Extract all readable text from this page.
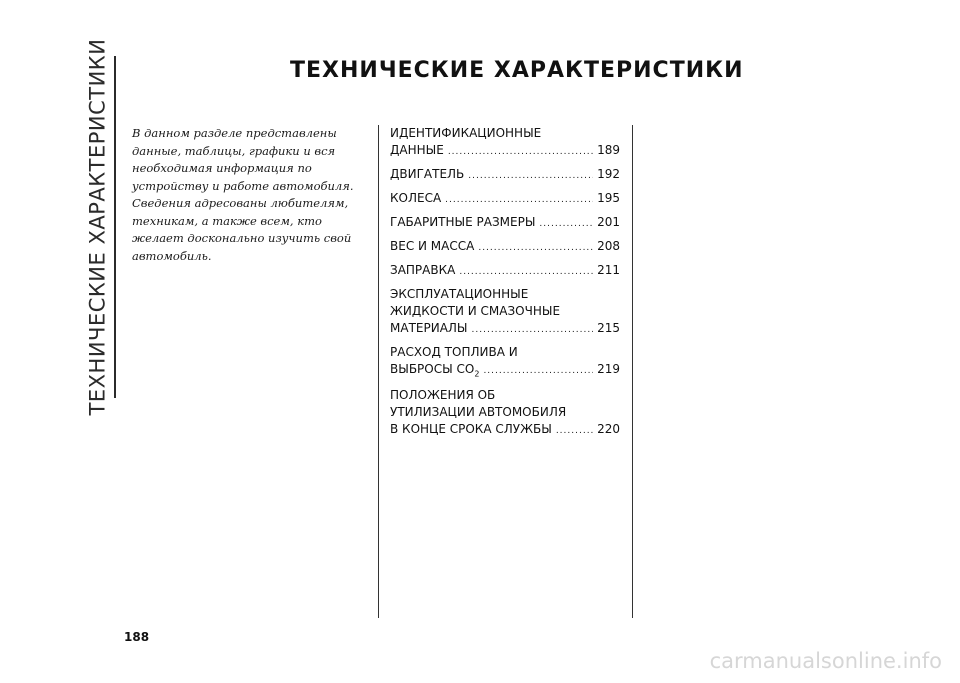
ТЕХНИЧЕСКИЕ ХАРАКТЕРИСТИКИ	ТЕХНИЧЕСКИЕ ХАРАКТЕРИСТИКИ
В данном разделе представлены данные, таблицы, графики и вся необходимая информация по устройству и работе автомобиля. Сведения адресованы любителям, техникам, а также всем, кто желает досконально изучить свой автомобиль.
ИДЕНТИФИКАЦИОННЫЕ
ДАННЫЕ .....	189
ДВИГАТЕЛЬ .....	192
КОЛЕСА .....	195
ГАБАРИТНЫЕ РАЗМЕРЫ .....	201
ВЕС И МАССА .....	208
ЗАПРАВКА .....	211
ЭКСПЛУАТАЦИОННЫЕ
ЖИДКОСТИ И СМАЗОЧНЫЕ
МАТЕРИАЛЫ .....	215
РАСХОД ТОПЛИВА И
ВЫБРОСЫ $CO_2$ .....	219
ПОЛОЖЕНИЯ ОБ
УТИЛИЗАЦИИ АВТОМОБИЛЯ
В КОНЦЕ СРОКА СЛУЖБЫ .....	220
188
carmanualsonline.info
